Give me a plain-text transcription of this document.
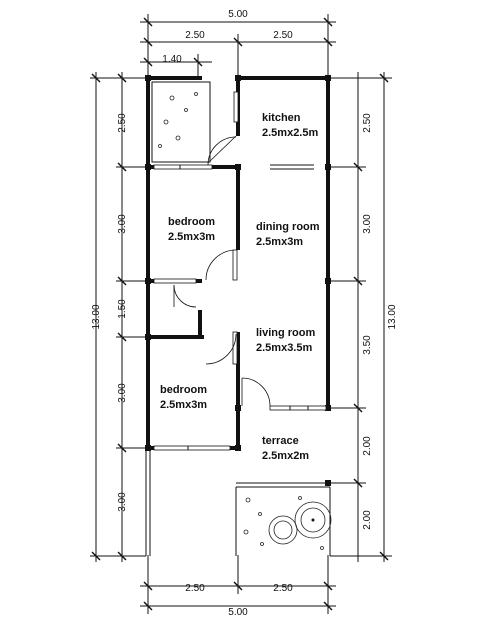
5.00
2.50	2.50
1.40
2.50	2.50
5.00
13.00
2.50
3.00
1.50
3.00
3.00
13.00
2.50
3.00
3.50
2.00
2.00
kitchen
2.5mx2.5m
dining room
2.5mx3m
bedroom
2.5mx3m
living room
2.5mx3.5m
bedroom
2.5mx3m
terrace
2.5mx2m
